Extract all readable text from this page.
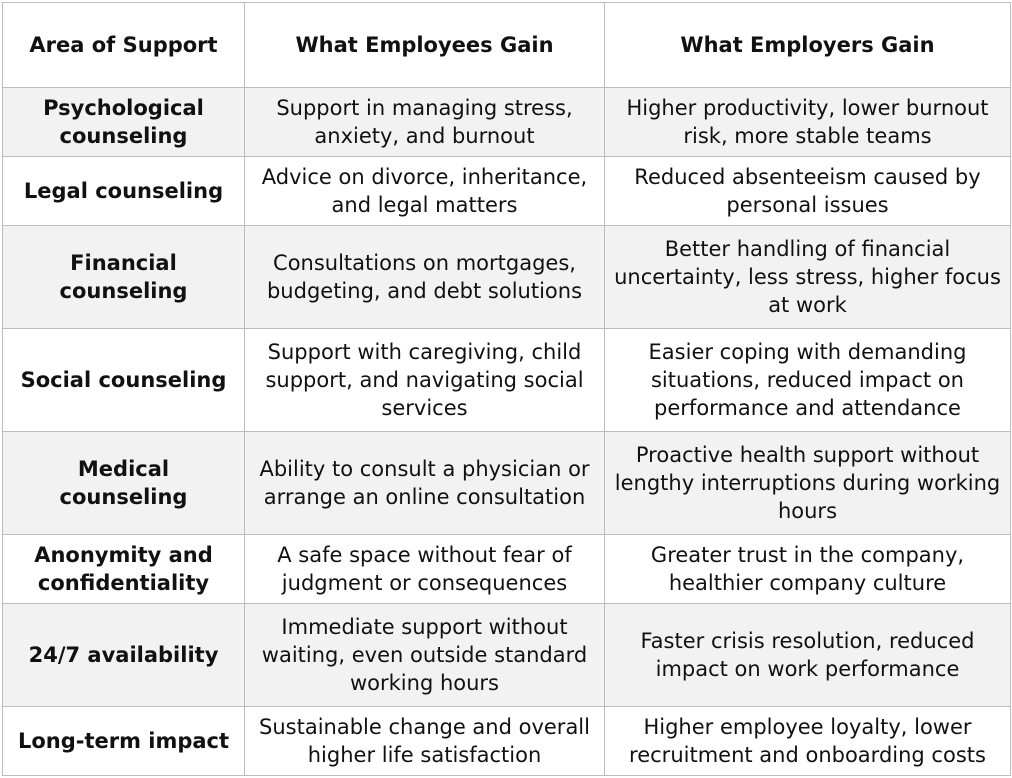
Area of Support	What Employees Gain	What Employers Gain
Psychological counseling	Support in managing stress, anxiety, and burnout	Higher productivity, lower burnout risk, more stable teams
Legal counseling	Advice on divorce, inheritance, and legal matters	Reduced absenteeism caused by personal issues
Financial counseling	Consultations on mortgages, budgeting, and debt solutions	Better handling of financial uncertainty, less stress, higher focus at work
Social counseling	Support with caregiving, child support, and navigating social services	Easier coping with demanding situations, reduced impact on performance and attendance
Medical counseling	Ability to consult a physician or arrange an online consultation	Proactive health support without lengthy interruptions during working hours
Anonymity and confidentiality	A safe space without fear of judgment or consequences	Greater trust in the company, healthier company culture
24/7 availability	Immediate support without waiting, even outside standard working hours	Faster crisis resolution, reduced impact on work performance
Long-term impact	Sustainable change and overall higher life satisfaction	Higher employee loyalty, lower recruitment and onboarding costs
